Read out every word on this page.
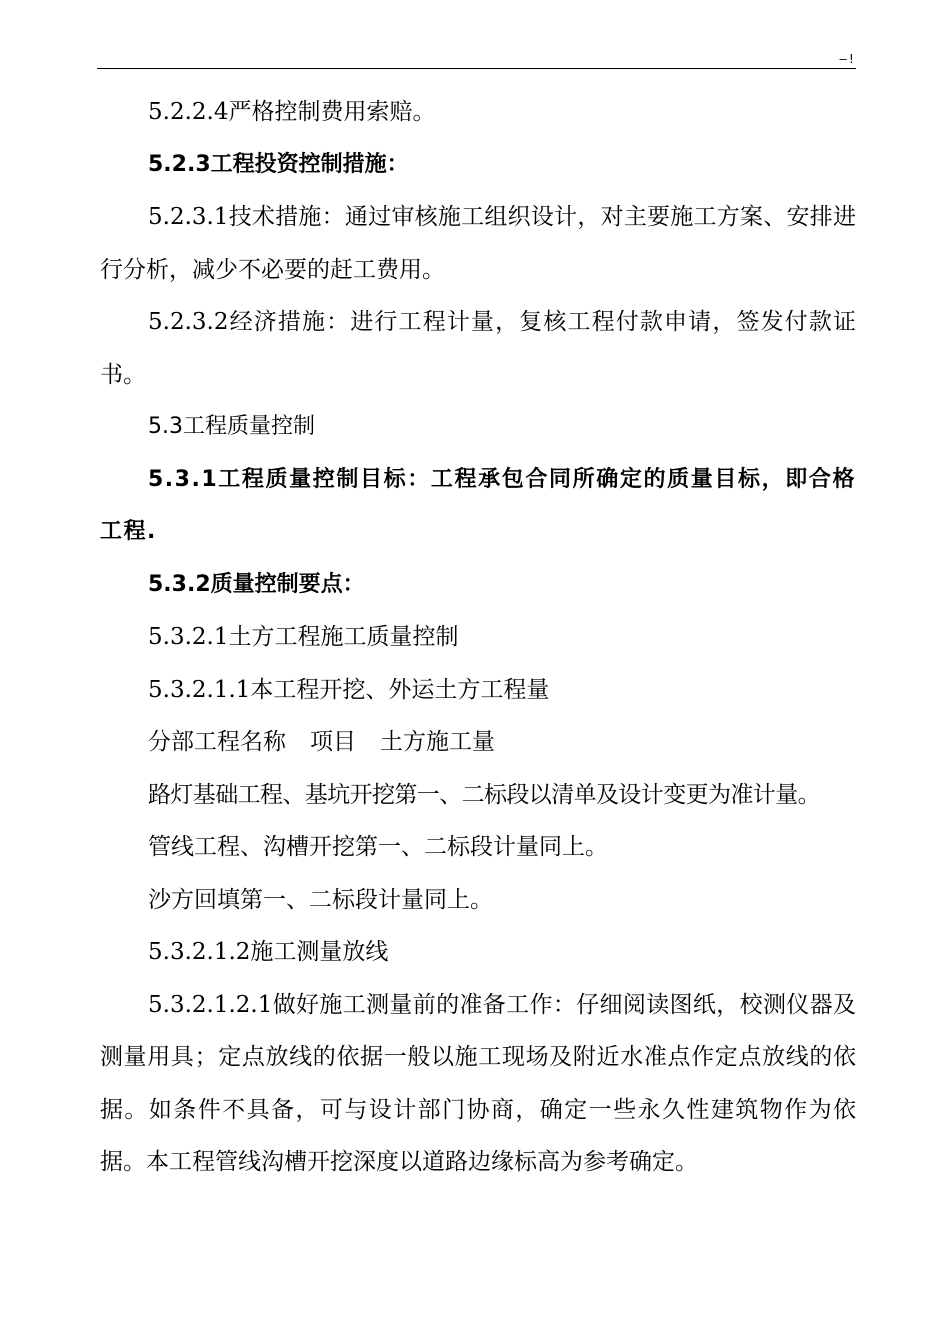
—!

5.2.2.4严格控制费用索赔。

5.2.3工程投资控制措施：

5.2.3.1技术措施：通过审核施工组织设计，对主要施工方案、安排进行分析，减少不必要的赶工费用。

5.2.3.2经济措施：进行工程计量，复核工程付款申请，签发付款证书。

5.3工程质量控制

5.3.1工程质量控制目标：工程承包合同所确定的质量目标，即合格工程.

5.3.2质量控制要点：

5.3.2.1土方工程施工质量控制

5.3.2.1.1本工程开挖、外运土方工程量

分部工程名称 项目 土方施工量

路灯基础工程、基坑开挖第一、二标段以清单及设计变更为准计量。

管线工程、沟槽开挖第一、二标段计量同上。

沙方回填第一、二标段计量同上。

5.3.2.1.2施工测量放线

5.3.2.1.2.1做好施工测量前的准备工作：仔细阅读图纸，校测仪器及测量用具；定点放线的依据一般以施工现场及附近水准点作定点放线的依据。如条件不具备，可与设计部门协商，确定一些永久性建筑物作为依据。本工程管线沟槽开挖深度以道路边缘标高为参考确定。
